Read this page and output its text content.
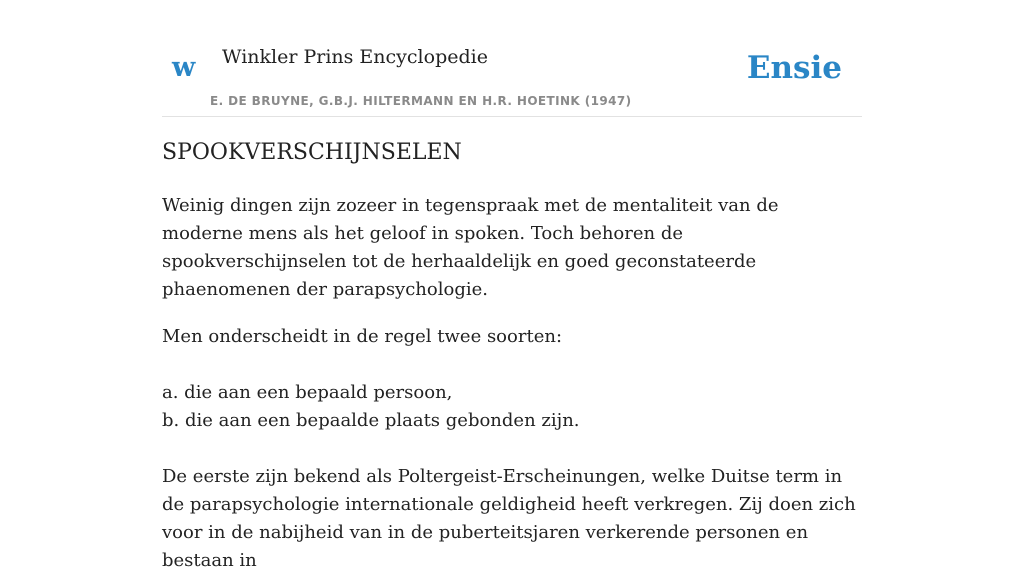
w Winkler Prins Encyclopedie
E. DE BRUYNE, G.B.J. HILTERMANN EN H.R. HOETINK (1947)
Ensie
SPOOKVERSCHIJNSELEN

Weinig dingen zijn zozeer in tegenspraak met de mentaliteit van de moderne mens als het geloof in spoken. Toch behoren de spookverschijnselen tot de herhaaldelijk en goed geconstateerde phaenomenen der parapsychologie.

Men onderscheidt in de regel twee soorten:

a. die aan een bepaald persoon,
b. die aan een bepaalde plaats gebonden zijn.

De eerste zijn bekend als Poltergeist-Erscheinungen, welke Duitse term in de parapsychologie internationale geldigheid heeft verkregen. Zij doen zich voor in de nabijheid van in de puberteitsjaren verkerende personen en bestaan in
